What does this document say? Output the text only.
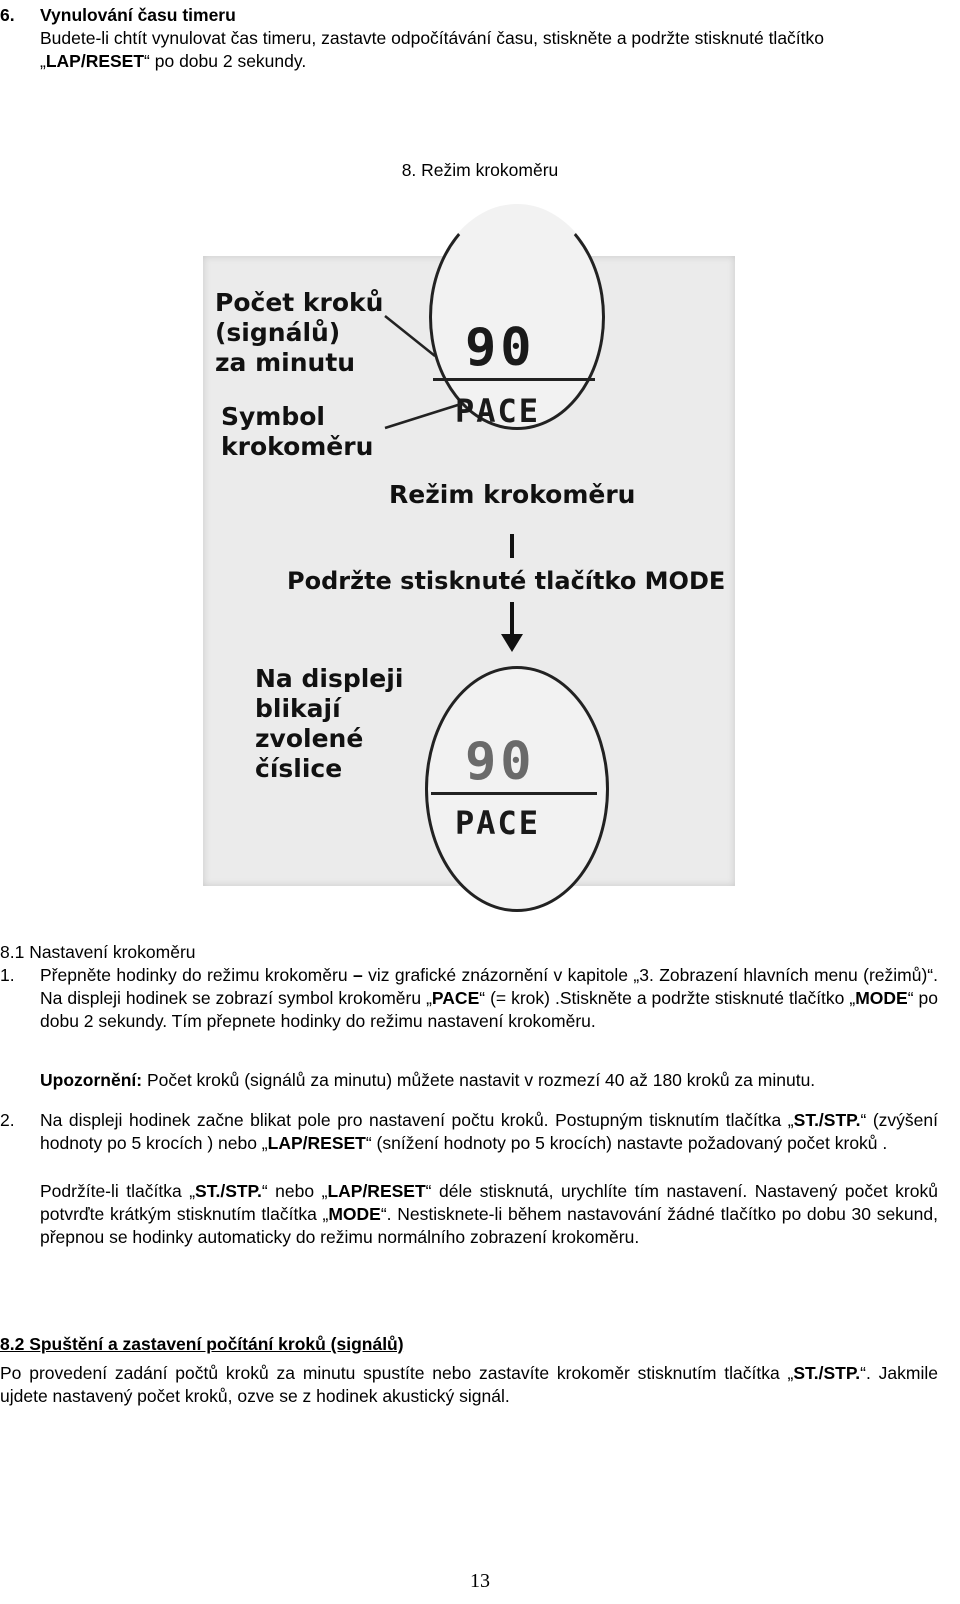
6. Vynulování času timeru
Budete-li chtít vynulovat čas timeru, zastavte odpočítávání času, stiskněte a podržte stisknuté tlačítko
„LAP/RESET“ po dobu 2 sekundy.
8. Režim krokoměru
Počet kroků
(signálů)
za minutu
Symbol
krokoměru
Režim krokoměru
Podržte stisknuté tlačítko MODE
Na displeji
blikají
zvolené
číslice
90
PACE
90
PACE
8.1 Nastavení krokoměru
1. Přepněte hodinky do režimu krokoměru – viz grafické znázornění v kapitole „3. Zobrazení hlavních menu (režimů)“. Na displeji hodinek se zobrazí symbol krokoměru „PACE“ (= krok) .Stiskněte a podržte stisknuté tlačítko „MODE“ po dobu 2 sekundy. Tím přepnete hodinky do režimu nastavení krokoměru.
Upozornění: Počet kroků (signálů za minutu) můžete nastavit v rozmezí 40 až 180 kroků za minutu.
2. Na displeji hodinek začne blikat pole pro nastavení počtu kroků. Postupným tisknutím tlačítka „ST./STP.“ (zvýšení hodnoty po 5 krocích ) nebo „LAP/RESET“ (snížení hodnoty po 5 krocích) nastavte požadovaný počet kroků .
Podržíte-li tlačítka „ST./STP.“ nebo „LAP/RESET“ déle stisknutá, urychlíte tím nastavení. Nastavený počet kroků potvrďte krátkým stisknutím tlačítka „MODE“. Nestisknete-li během nastavování žádné tlačítko po dobu 30 sekund, přepnou se hodinky automaticky do režimu normálního zobrazení krokoměru.
8.2 Spuštění a zastavení počítání kroků (signálů)
Po provedení zadání počtů kroků za minutu spustíte nebo zastavíte krokoměr stisknutím tlačítka „ST./STP.“. Jakmile ujdete nastavený počet kroků, ozve se z hodinek akustický signál.
13
